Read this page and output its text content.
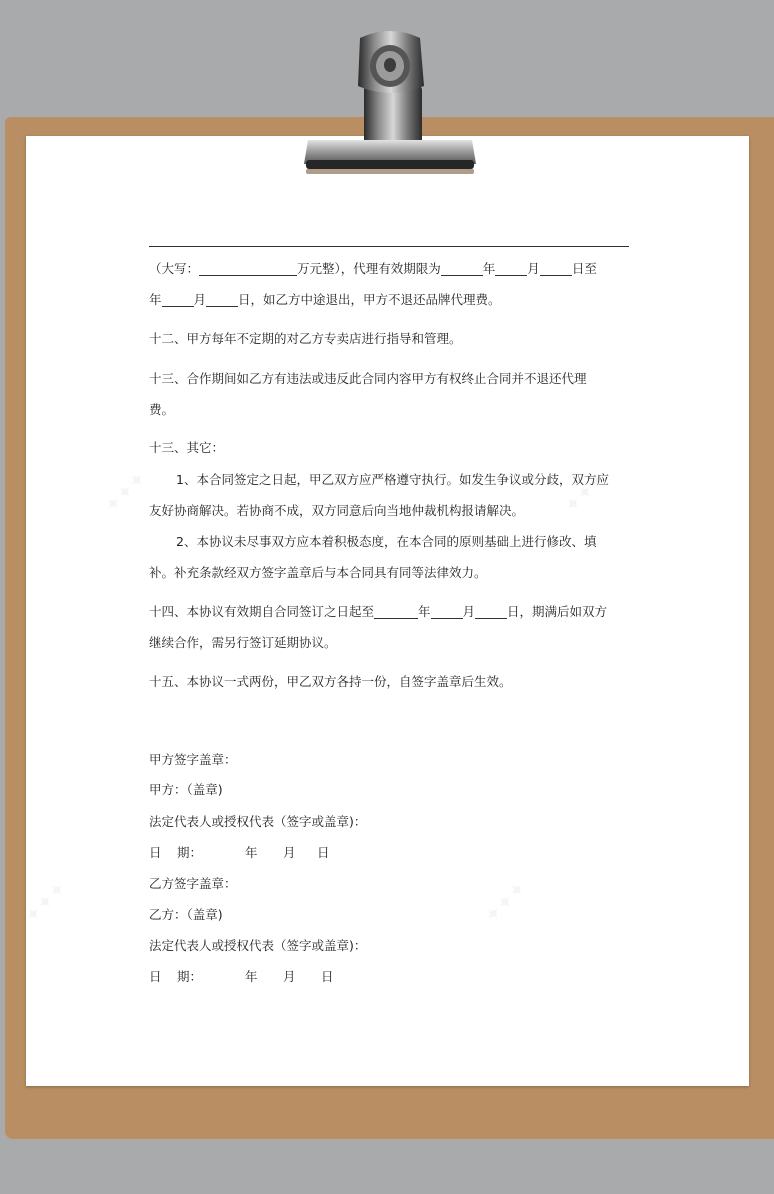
（大写：	万元整），代理有效期限为	年	月	日至

年	月	日，如乙方中途退出，甲方不退还品牌代理费。

十二、甲方每年不定期的对乙方专卖店进行指导和管理。

十三、合作期间如乙方有违法或违反此合同内容甲方有权终止合同并不退还代理

费。

十三、其它：

1、本合同签定之日起，甲乙双方应严格遵守执行。如发生争议或分歧，双方应

友好协商解决。若协商不成，双方同意后向当地仲裁机构报请解决。

2、本协议未尽事双方应本着积极态度，在本合同的原则基础上进行修改、填

补。补充条款经双方签字盖章后与本合同具有同等法律效力。

十四、本协议有效期自合同签订之日起至	年	月	日，期满后如双方

继续合作，需另行签订延期协议。

十五、本协议一式两份，甲乙双方各持一份，自签字盖章后生效。

甲方签字盖章：
甲方：（盖章)
法定代表人或授权代表（签字或盖章)：
日 期：	年 月 日
乙方签字盖章：
乙方：（盖章)
法定代表人或授权代表（签字或盖章)：
日 期：	年 月 日
